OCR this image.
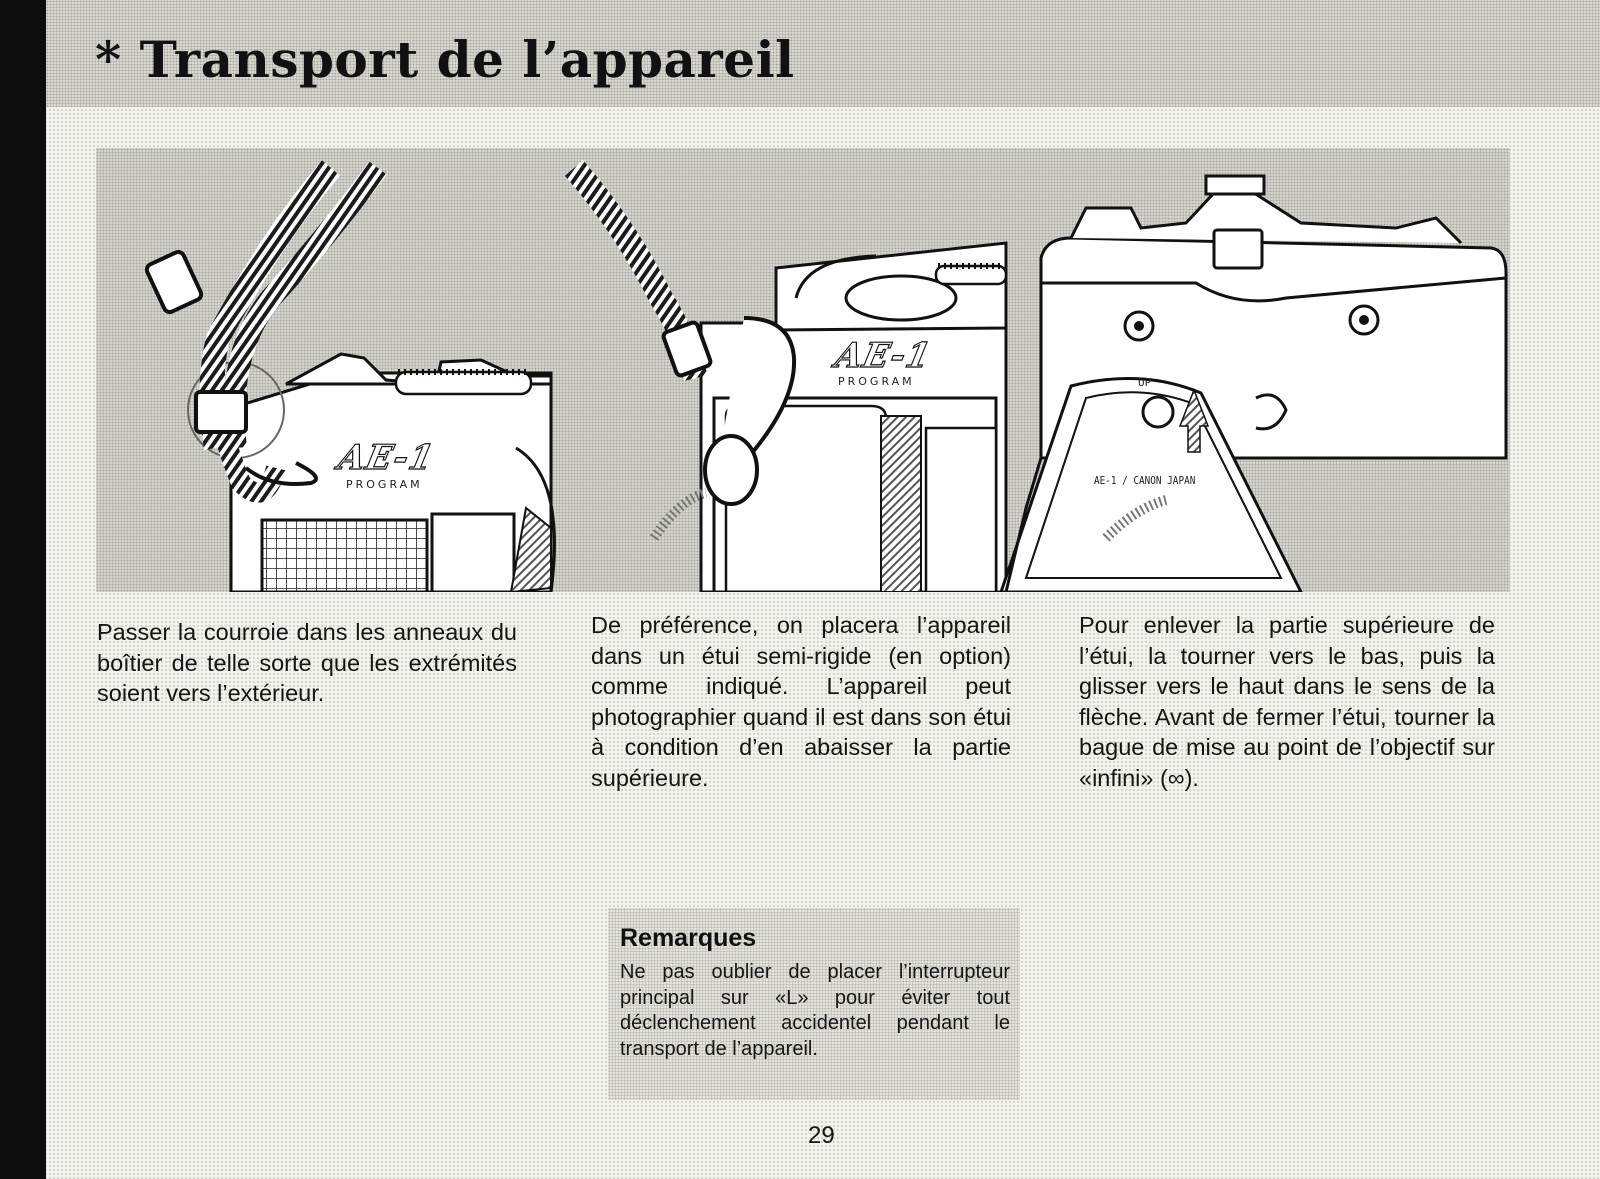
* Transport de l’appareil
AE-1
PROGRAM
AE-1
PROGRAM	UP
AE-1 / CANON JAPAN

Passer la courroie dans les anneaux du boîtier de telle sorte que les extrémités soient vers l’extérieur.

De préférence, on placera l’appareil dans un étui semi-rigide (en option) comme indiqué. L’appareil peut photographier quand il est dans son étui à condition d’en abaisser la partie supérieure.

Pour enlever la partie supérieure de l’étui, la tourner vers le bas, puis la glisser vers le haut dans le sens de la flèche. Avant de fermer l’étui, tourner la bague de mise au point de l’objectif sur «infini» (∞).

Remarques

Ne pas oublier de placer l’interrupteur principal sur «L» pour éviter tout déclenchement accidentel pendant le transport de l’appareil.

29
